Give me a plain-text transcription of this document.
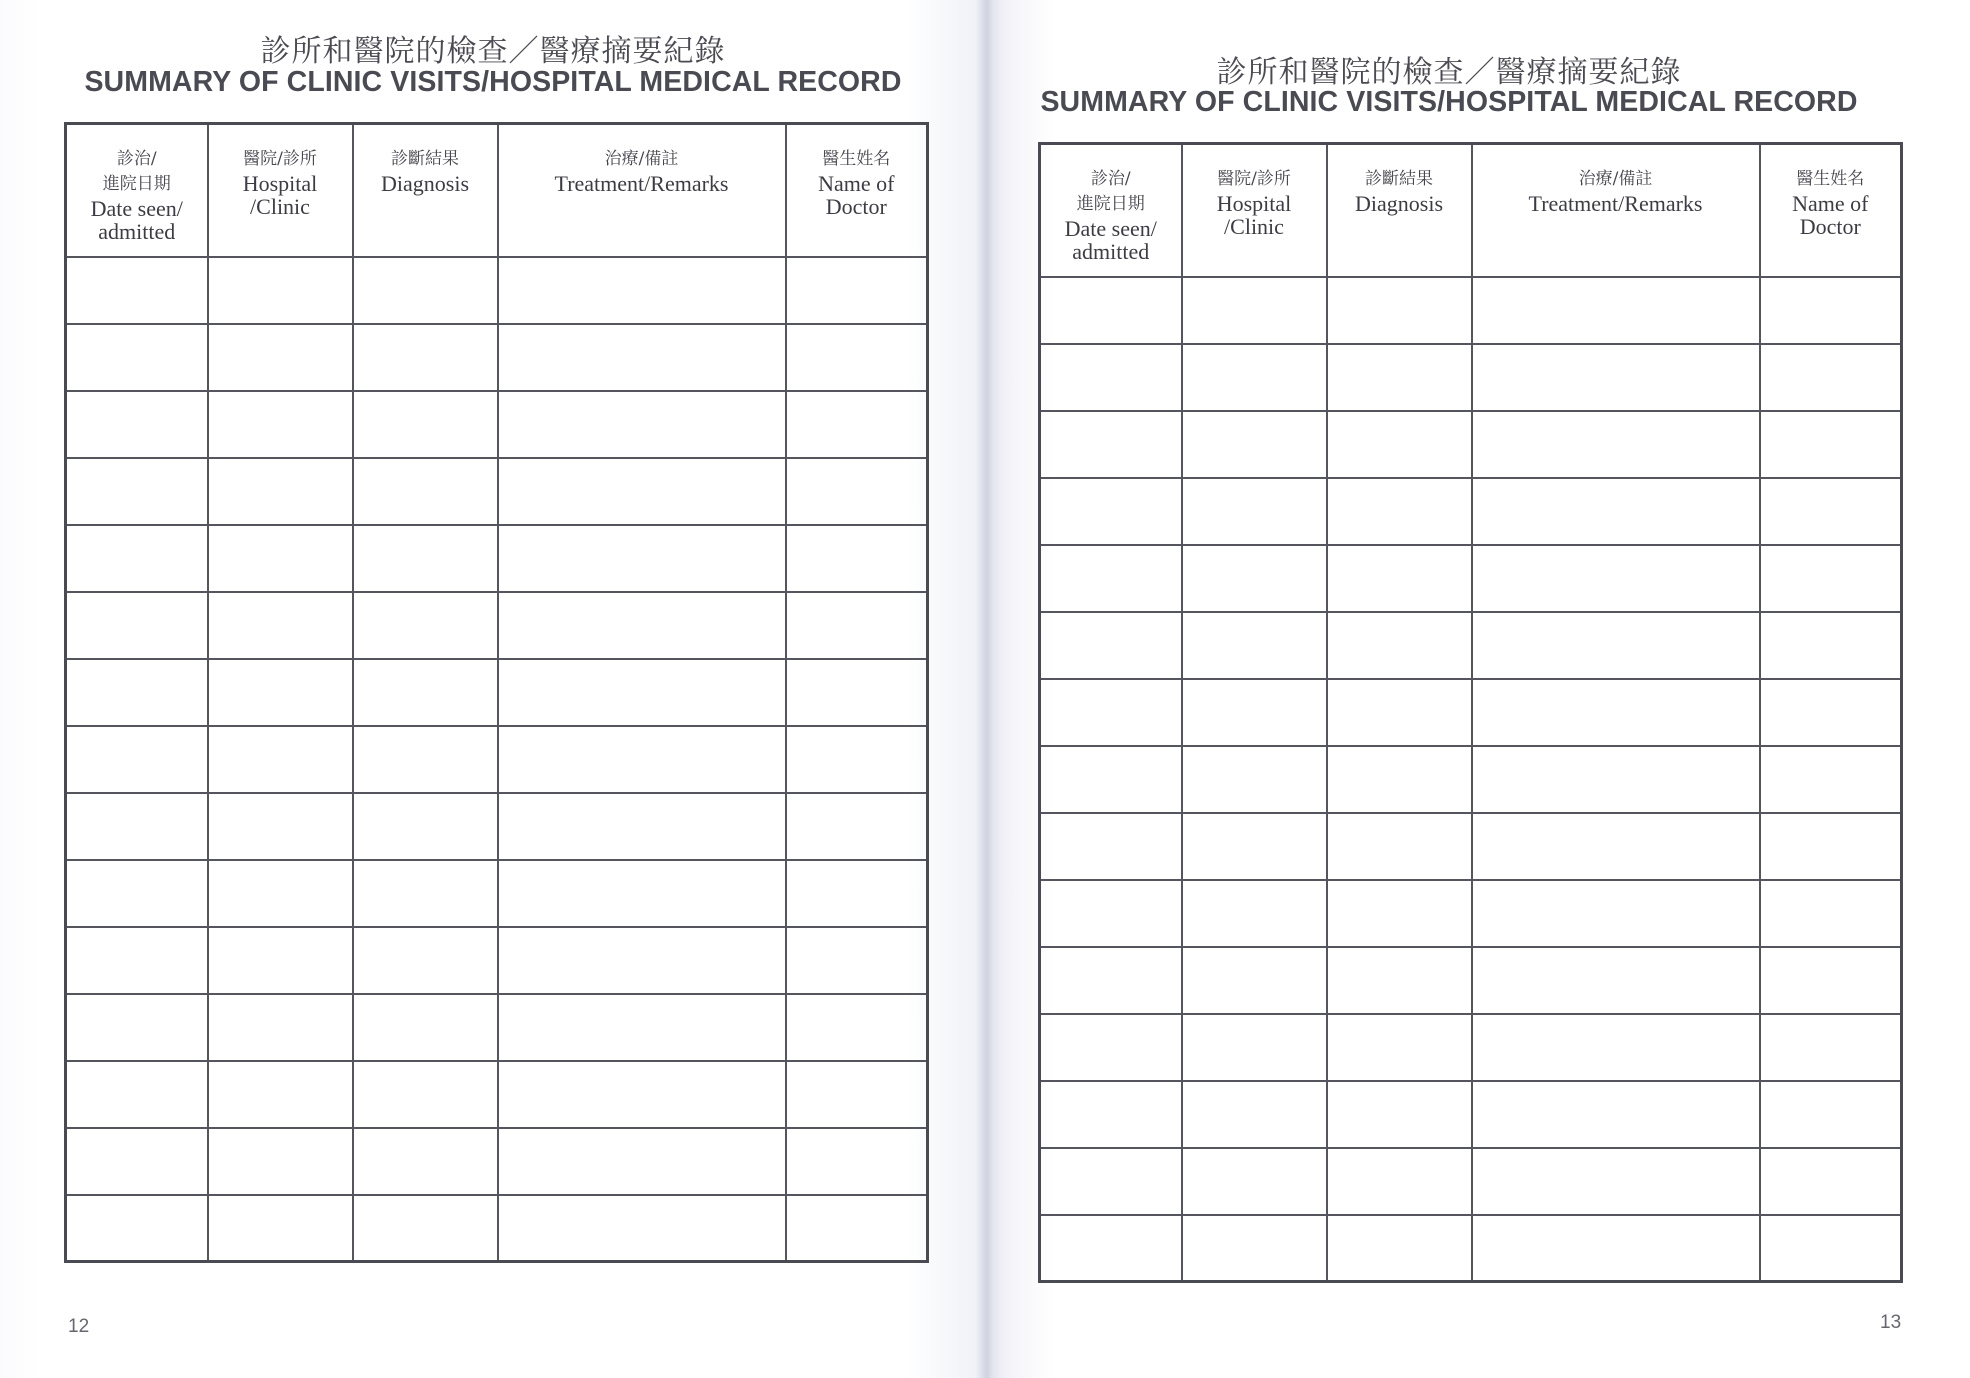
診所和醫院的檢查／醫療摘要紀錄
SUMMARY OF CLINIC VISITS/HOSPITAL MEDICAL RECORD
診治/
進院日期
Date seen/
admitted	醫院/診所
Hospital
/Clinic	診斷結果
Diagnosis	治療/備註
Treatment/Remarks	醫生姓名
Name of
Doctor

12
診所和醫院的檢查／醫療摘要紀錄
SUMMARY OF CLINIC VISITS/HOSPITAL MEDICAL RECORD
診治/
進院日期
Date seen/
admitted	醫院/診所
Hospital
/Clinic	診斷結果
Diagnosis	治療/備註
Treatment/Remarks	醫生姓名
Name of
Doctor

13
